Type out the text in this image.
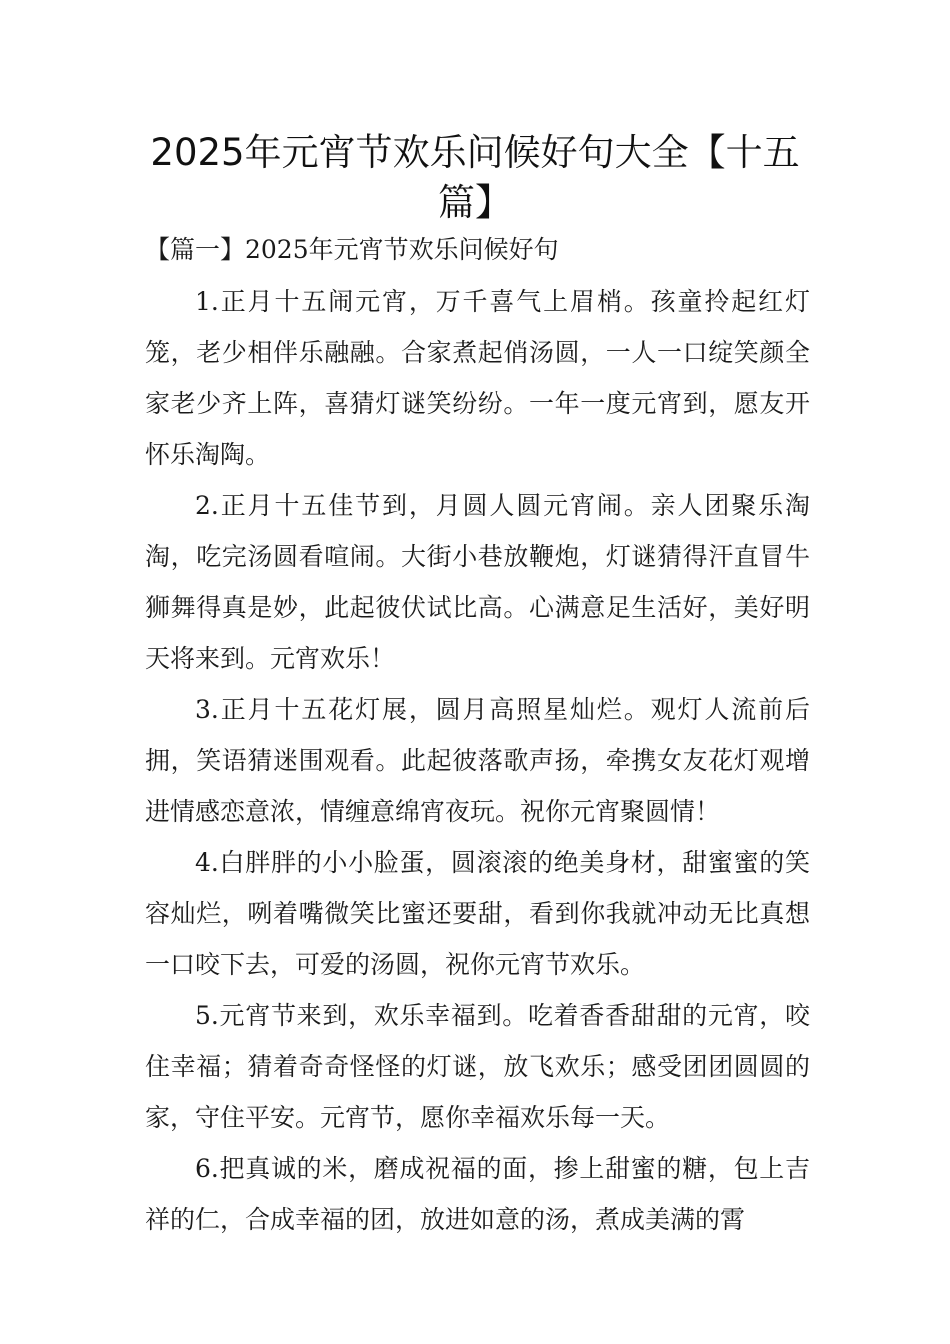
2025年元宵节欢乐问候好句大全【十五篇】
【篇一】2025年元宵节欢乐问候好句

1.正月十五闹元宵，万千喜气上眉梢。孩童拎起红灯笼，老少相伴乐融融。合家煮起俏汤圆，一人一口绽笑颜全家老少齐上阵，喜猜灯谜笑纷纷。一年一度元宵到，愿友开怀乐淘陶。

2.正月十五佳节到，月圆人圆元宵闹。亲人团聚乐淘淘，吃完汤圆看喧闹。大街小巷放鞭炮，灯谜猜得汗直冒牛狮舞得真是妙，此起彼伏试比高。心满意足生活好，美好明天将来到。元宵欢乐！

3.正月十五花灯展，圆月高照星灿烂。观灯人流前后拥，笑语猜迷围观看。此起彼落歌声扬，牵携女友花灯观增进情感恋意浓，情缠意绵宵夜玩。祝你元宵聚圆情！

4.白胖胖的小小脸蛋，圆滚滚的绝美身材，甜蜜蜜的笑容灿烂，咧着嘴微笑比蜜还要甜，看到你我就冲动无比真想一口咬下去，可爱的汤圆，祝你元宵节欢乐。

5.元宵节来到，欢乐幸福到。吃着香香甜甜的元宵，咬住幸福；猜着奇奇怪怪的灯谜，放飞欢乐；感受团团圆圆的家，守住平安。元宵节，愿你幸福欢乐每一天。

6.把真诚的米，磨成祝福的面，掺上甜蜜的糖，包上吉祥的仁，合成幸福的团，放进如意的汤，煮成美满的霄
